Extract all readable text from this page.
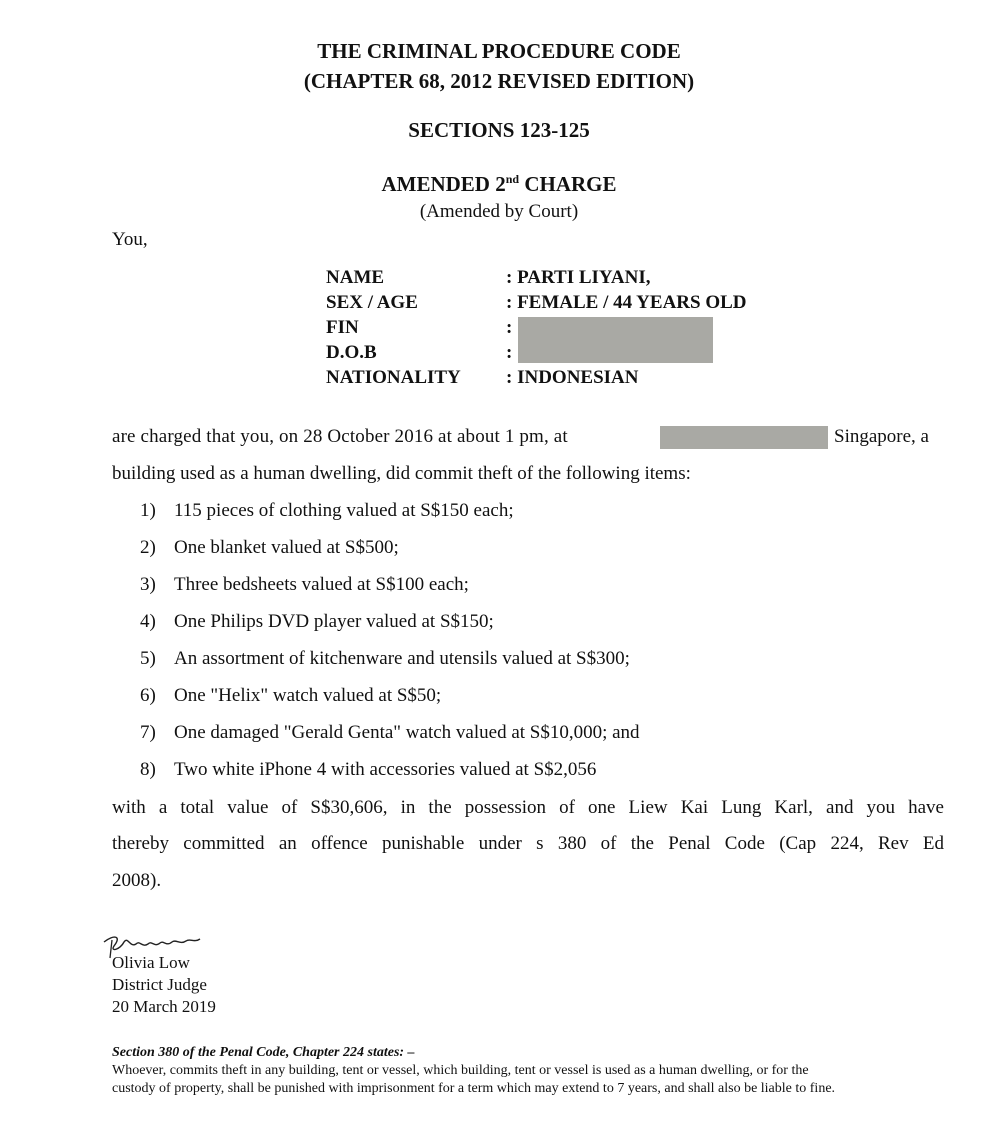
THE CRIMINAL PROCEDURE CODE
(CHAPTER 68, 2012 REVISED EDITION)
SECTIONS 123-125
AMENDED 2nd CHARGE
(Amended by Court)
You,
NAME
SEX / AGE
FIN
D.O.B
NATIONALITY
: PARTI LIYANI,
: FEMALE / 44 YEARS OLD
:
:
: INDONESIAN
are charged that you, on 28 October 2016 at about 1 pm, at	Singapore, a
building used as a human dwelling, did commit theft of the following items:
1) 115 pieces of clothing valued at S$150 each;
2) One blanket valued at S$500;
3) Three bedsheets valued at S$100 each;
4) One Philips DVD player valued at S$150;
5) An assortment of kitchenware and utensils valued at S$300;
6) One "Helix" watch valued at S$50;
7) One damaged "Gerald Genta" watch valued at S$10,000; and
8) Two white iPhone 4 with accessories valued at S$2,056
with a total value of S$30,606, in the possession of one Liew Kai Lung Karl, and you have
thereby committed an offence punishable under s 380 of the Penal Code (Cap 224, Rev Ed
2008).
Olivia Low
District Judge
20 March 2019
Section 380 of the Penal Code, Chapter 224 states: –
Whoever, commits theft in any building, tent or vessel, which building, tent or vessel is used as a human dwelling, or for the
custody of property, shall be punished with imprisonment for a term which may extend to 7 years, and shall also be liable to fine.
